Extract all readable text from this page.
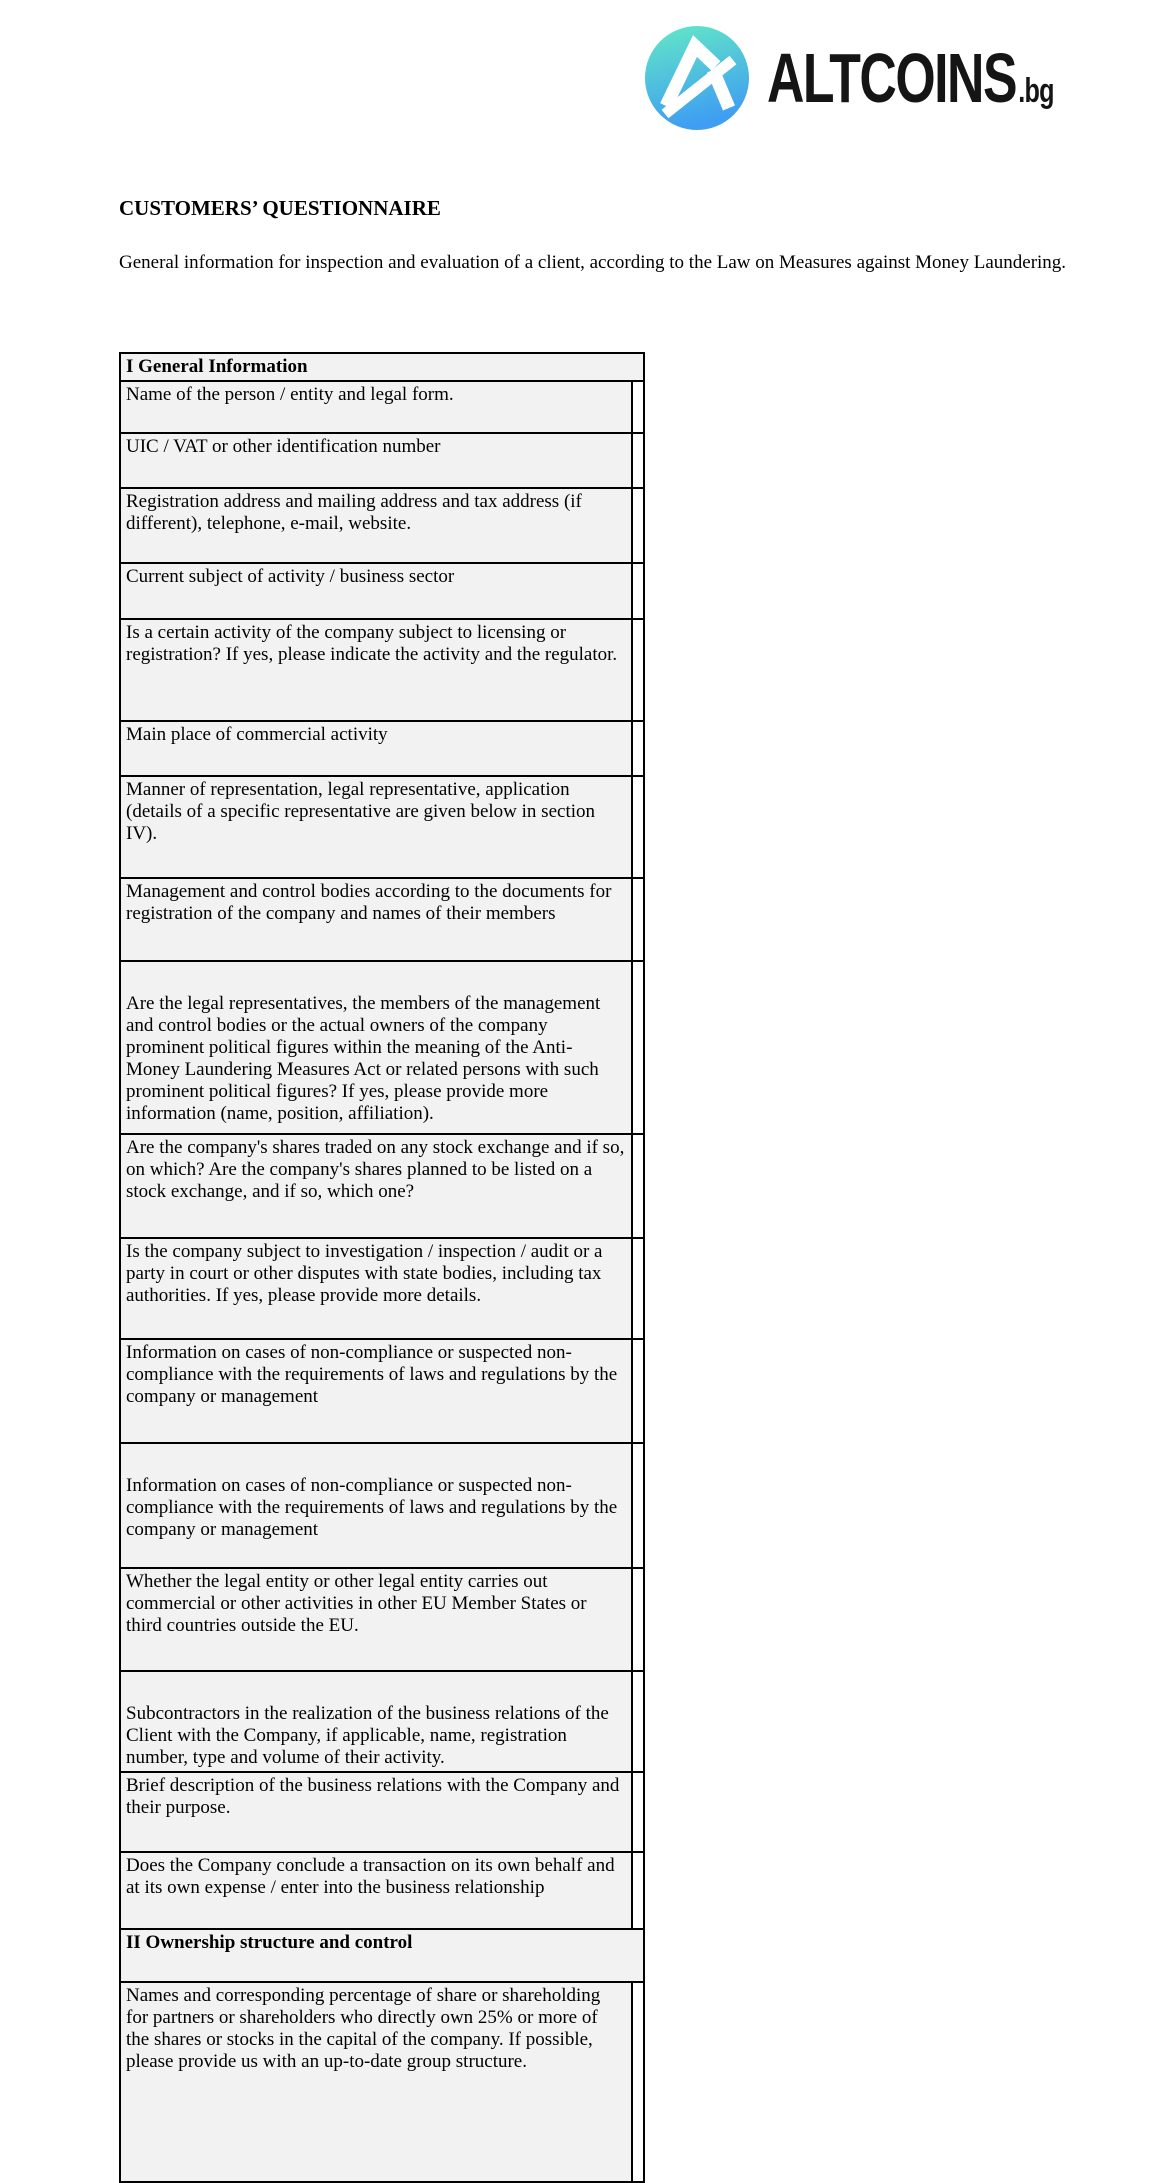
ALTCOINS .bg
CUSTOMERS’ QUESTIONNAIRE

General information for inspection and evaluation of a client, according to the Law on Measures against Money Laundering.

I General Information	
Name of the person / entity and legal form.	
UIC / VAT or other identification number	
Registration address and mailing address and tax address (if different), telephone, e-mail, website.	
Current subject of activity / business sector	
Is a certain activity of the company subject to licensing or registration? If yes, please indicate the activity and the regulator.	
Main place of commercial activity	
Manner of representation, legal representative, application (details of a specific representative are given below in section IV).	
Management and control bodies according to the documents for registration of the company and names of their members	
Are the legal representatives, the members of the management and control bodies or the actual owners of the company prominent political figures within the meaning of the Anti-Money Laundering Measures Act or related persons with such prominent political figures? If yes, please provide more information (name, position, affiliation).	
Are the company's shares traded on any stock exchange and if so, on which? Are the company's shares planned to be listed on a stock exchange, and if so, which one?	
Is the company subject to investigation / inspection / audit or a party in court or other disputes with state bodies, including tax authorities. If yes, please provide more details.	
Information on cases of non-compliance or suspected non-compliance with the requirements of laws and regulations by the company or management	
Information on cases of non-compliance or suspected non-compliance with the requirements of laws and regulations by the company or management	
Whether the legal entity or other legal entity carries out commercial or other activities in other EU Member States or third countries outside the EU.	
Subcontractors in the realization of the business relations of the Client with the Company, if applicable, name, registration number, type and volume of their activity.	
Brief description of the business relations with the Company and their purpose.	
Does the Company conclude a transaction on its own behalf and at its own expense / enter into the business relationship	
II Ownership structure and control	
Names and corresponding percentage of share or shareholding for partners or shareholders who directly own 25% or more of the shares or stocks in the capital of the company. If possible, please provide us with an up-to-date group structure.	
